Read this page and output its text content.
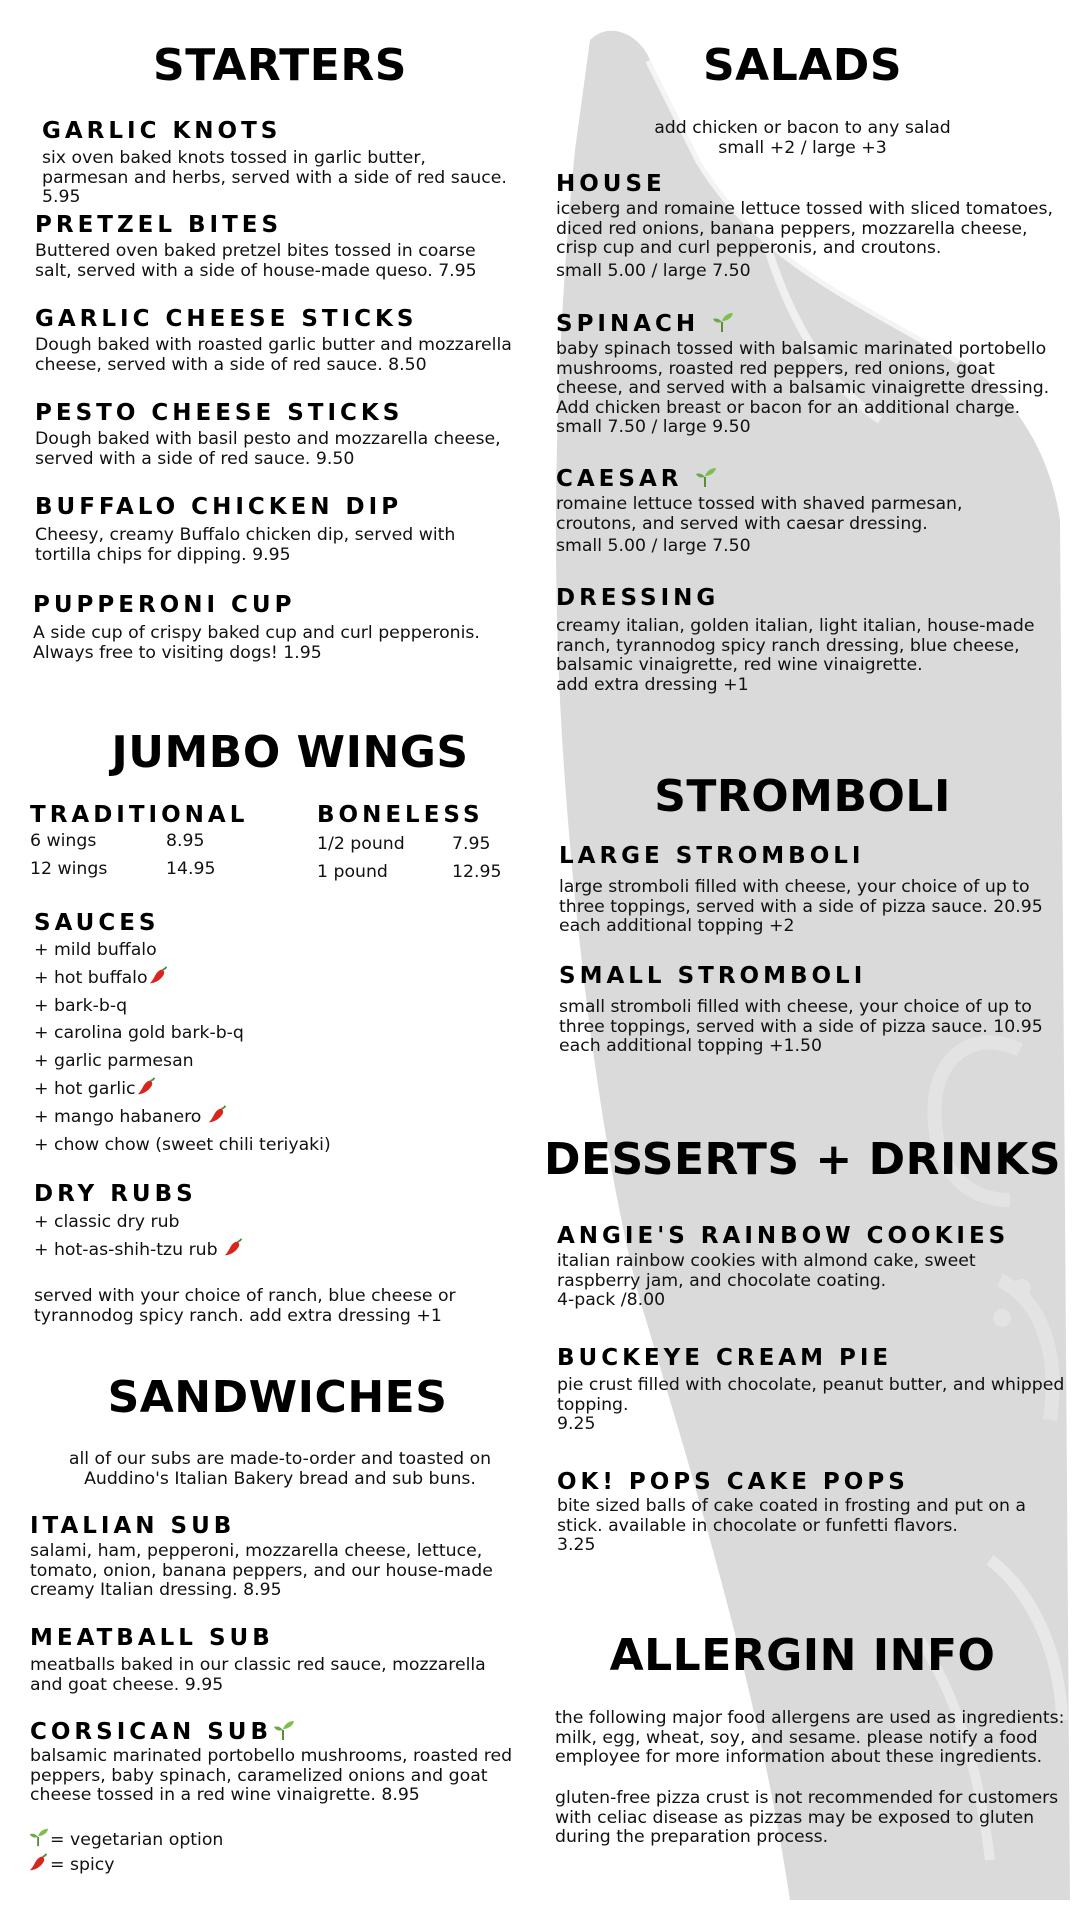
STARTERS
GARLIC KNOTS
six oven baked knots tossed in garlic butter, parmesan and herbs, served with a side of red sauce. 5.95
PRETZEL BITES
Buttered oven baked pretzel bites tossed in coarse salt, served with a side of house-made queso. 7.95
GARLIC CHEESE STICKS
Dough baked with roasted garlic butter and mozzarella cheese, served with a side of red sauce. 8.50
PESTO CHEESE STICKS
Dough baked with basil pesto and mozzarella cheese, served with a side of red sauce. 9.50
BUFFALO CHICKEN DIP
Cheesy, creamy Buffalo chicken dip, served with tortilla chips for dipping. 9.95
PUPPERONI CUP
A side cup of crispy baked cup and curl pepperonis. Always free to visiting dogs! 1.95
JUMBO WINGS
TRADITIONAL
6 wings	8.95
12 wings	14.95
BONELESS
1/2 pound	7.95
1 pound	12.95
SAUCES
+ mild buffalo
+ hot buffalo
+ bark-b-q
+ carolina gold bark-b-q
+ garlic parmesan
+ hot garlic
+ mango habanero
+ chow chow (sweet chili teriyaki)
DRY RUBS
+ classic dry rub
+ hot-as-shih-tzu rub
served with your choice of ranch, blue cheese or tyrannodog spicy ranch. add extra dressing +1
SANDWICHES
all of our subs are made-to-order and toasted on Auddino's Italian Bakery bread and sub buns.
ITALIAN SUB
salami, ham, pepperoni, mozzarella cheese, lettuce, tomato, onion, banana peppers, and our house-made creamy Italian dressing. 8.95
MEATBALL SUB
meatballs baked in our classic red sauce, mozzarella and goat cheese. 9.95
CORSICAN SUB
balsamic marinated portobello mushrooms, roasted red peppers, baby spinach, caramelized onions and goat cheese tossed in a red wine vinaigrette. 8.95
= vegetarian option
= spicy
SALADS
add chicken or bacon to any salad
small +2 / large +3
HOUSE
iceberg and romaine lettuce tossed with sliced tomatoes, diced red onions, banana peppers, mozzarella cheese, crisp cup and curl pepperonis, and croutons.
small 5.00 / large 7.50
SPINACH
baby spinach tossed with balsamic marinated portobello mushrooms, roasted red peppers, red onions, goat cheese, and served with a balsamic vinaigrette dressing. Add chicken breast or bacon for an additional charge.
small 7.50 / large 9.50
CAESAR
romaine lettuce tossed with shaved parmesan, croutons, and served with caesar dressing.
small 5.00 / large 7.50
DRESSING
creamy italian, golden italian, light italian, house-made ranch, tyrannodog spicy ranch dressing, blue cheese, balsamic vinaigrette, red wine vinaigrette.
add extra dressing +1
STROMBOLI
LARGE STROMBOLI
large stromboli filled with cheese, your choice of up to three toppings, served with a side of pizza sauce. 20.95
each additional topping +2
SMALL STROMBOLI
small stromboli filled with cheese, your choice of up to three toppings, served with a side of pizza sauce. 10.95
each additional topping +1.50
DESSERTS + DRINKS
ANGIE'S RAINBOW COOKIES
italian rainbow cookies with almond cake, sweet raspberry jam, and chocolate coating.
4-pack /8.00
BUCKEYE CREAM PIE
pie crust filled with chocolate, peanut butter, and whipped topping.
9.25
OK! POPS CAKE POPS
bite sized balls of cake coated in frosting and put on a stick. available in chocolate or funfetti flavors.
3.25
ALLERGIN INFO
the following major food allergens are used as ingredients: milk, egg, wheat, soy, and sesame. please notify a food employee for more information about these ingredients.
gluten-free pizza crust is not recommended for customers with celiac disease as pizzas may be exposed to gluten during the preparation process.
